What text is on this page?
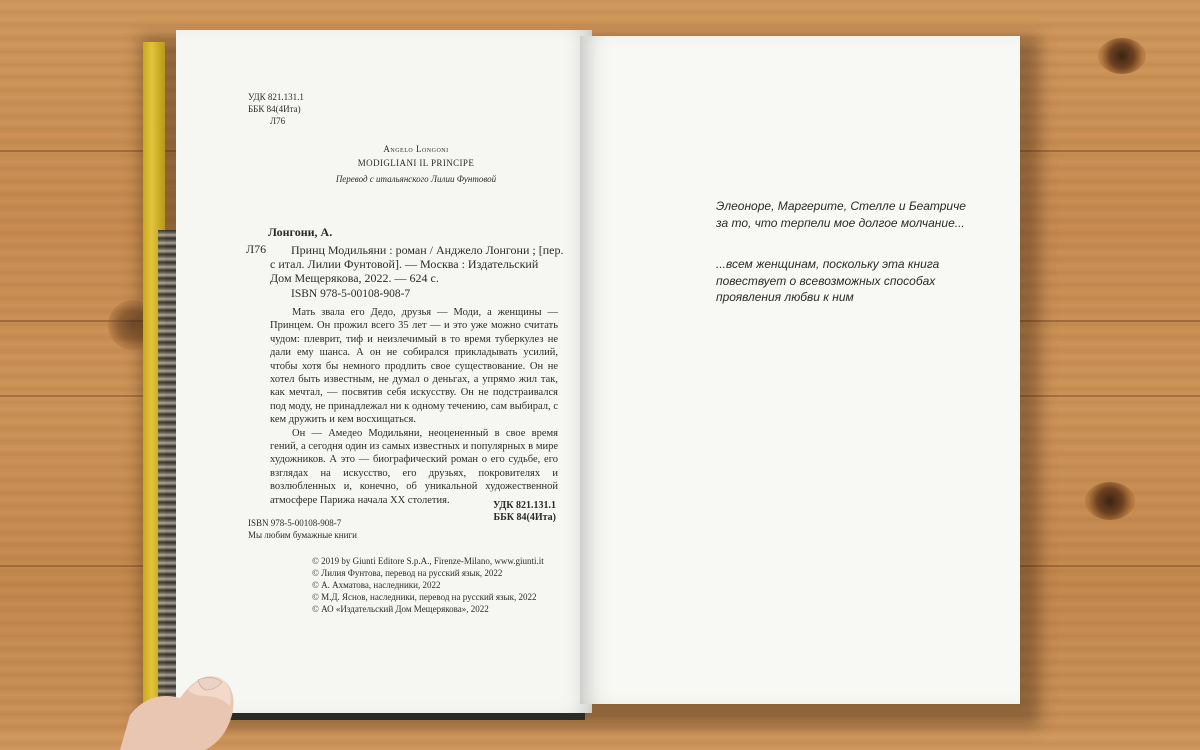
УДК 821.131.1
ББК 84(4Ита)
Л76
Angelo Longoni
MODIGLIANI IL PRINCIPE
Перевод с итальянского Лилии Фунтовой
Лонгони, А.
Л76 Принц Модильяни : роман / Анджело Лонгони ; [пер.
с итал. Лилии Фунтовой]. — Москва : Издательский
Дом Мещерякова, 2022. — 624 с.
ISBN 978-5-00108-908-7

Мать звала его Дедо, друзья — Моди, а женщины — Принцем. Он прожил всего 35 лет — и это уже можно считать чудом: плеврит, тиф и неизлечимый в то время туберкулез не дали ему шанса. А он не собирался прикладывать усилий, чтобы хотя бы немного продлить свое существование. Он не хотел быть известным, не думал о деньгах, а упрямо жил так, как мечтал, — посвятив себя искусству. Он не подстраивался под моду, не принадлежал ни к одному течению, сам выбирал, с кем дружить и кем восхищаться.

Он — Амедео Модильяни, неоцененный в свое время гений, а сегодня один из самых известных и популярных в мире художников. А это — биографический роман о его судьбе, его взглядах на искусство, его друзьях, покровителях и возлюбленных и, конечно, об уникальной художественной атмосфере Парижа начала XX столетия.	УДК 821.131.1
ББК 84(4Ита)
ISBN 978-5-00108-908-7
Мы любим бумажные книги
© 2019 by Giunti Editore S.p.A., Firenze-Milano, www.giunti.it
© Лилия Фунтова, перевод на русский язык, 2022
© А. Ахматова, наследники, 2022
© М.Д. Яснов, наследники, перевод на русский язык, 2022
© АО «Издательский Дом Мещерякова», 2022
Элеоноре, Маргерите, Стелле и Беатриче
за то, что терпели мое долгое молчание...
...всем женщинам, поскольку эта книга
повествует о всевозможных способах
проявления любви к ним
